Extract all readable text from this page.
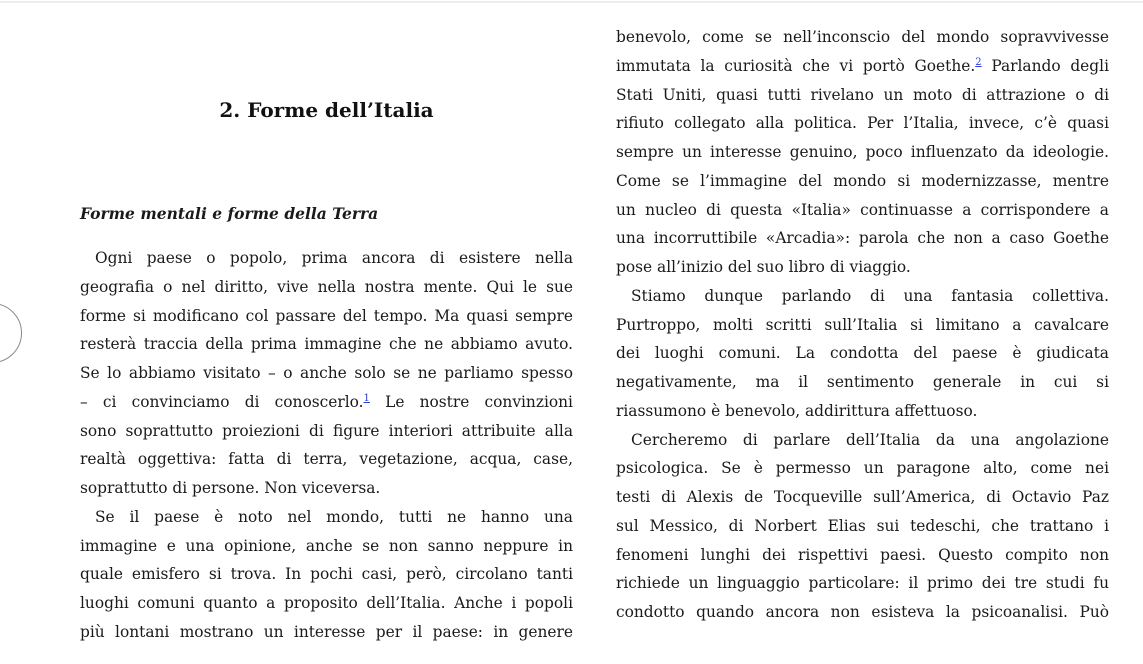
2. Forme dell’Italia
Forme mentali e forme della Terra
Ogni paese o popolo, prima ancora di esistere nella
geografia o nel diritto, vive nella nostra mente. Qui le sue
forme si modificano col passare del tempo. Ma quasi sempre
resterà traccia della prima immagine che ne abbiamo avuto.
Se lo abbiamo visitato – o anche solo se ne parliamo spesso
– ci convinciamo di conoscerlo.$^1$ Le nostre convinzioni
sono soprattutto proiezioni di figure interiori attribuite alla
realtà oggettiva: fatta di terra, vegetazione, acqua, case,
soprattutto di persone. Non viceversa.
Se il paese è noto nel mondo, tutti ne hanno una
immagine e una opinione, anche se non sanno neppure in
quale emisfero si trova. In pochi casi, però, circolano tanti
luoghi comuni quanto a proposito dell’Italia. Anche i popoli
più lontani mostrano un interesse per il paese: in genere
benevolo, come se nell’inconscio del mondo sopravvivesse
immutata la curiosità che vi portò Goethe.$^2$ Parlando degli
Stati Uniti, quasi tutti rivelano un moto di attrazione o di
rifiuto collegato alla politica. Per l’Italia, invece, c’è quasi
sempre un interesse genuino, poco influenzato da ideologie.
Come se l’immagine del mondo si modernizzasse, mentre
un nucleo di questa «Italia» continuasse a corrispondere a
una incorruttibile «Arcadia»: parola che non a caso Goethe
pose all’inizio del suo libro di viaggio.
Stiamo dunque parlando di una fantasia collettiva.
Purtroppo, molti scritti sull’Italia si limitano a cavalcare
dei luoghi comuni. La condotta del paese è giudicata
negativamente, ma il sentimento generale in cui si
riassumono è benevolo, addirittura affettuoso.
Cercheremo di parlare dell’Italia da una angolazione
psicologica. Se è permesso un paragone alto, come nei
testi di Alexis de Tocqueville sull’America, di Octavio Paz
sul Messico, di Norbert Elias sui tedeschi, che trattano i
fenomeni lunghi dei rispettivi paesi. Questo compito non
richiede un linguaggio particolare: il primo dei tre studi fu
condotto quando ancora non esisteva la psicoanalisi. Può
